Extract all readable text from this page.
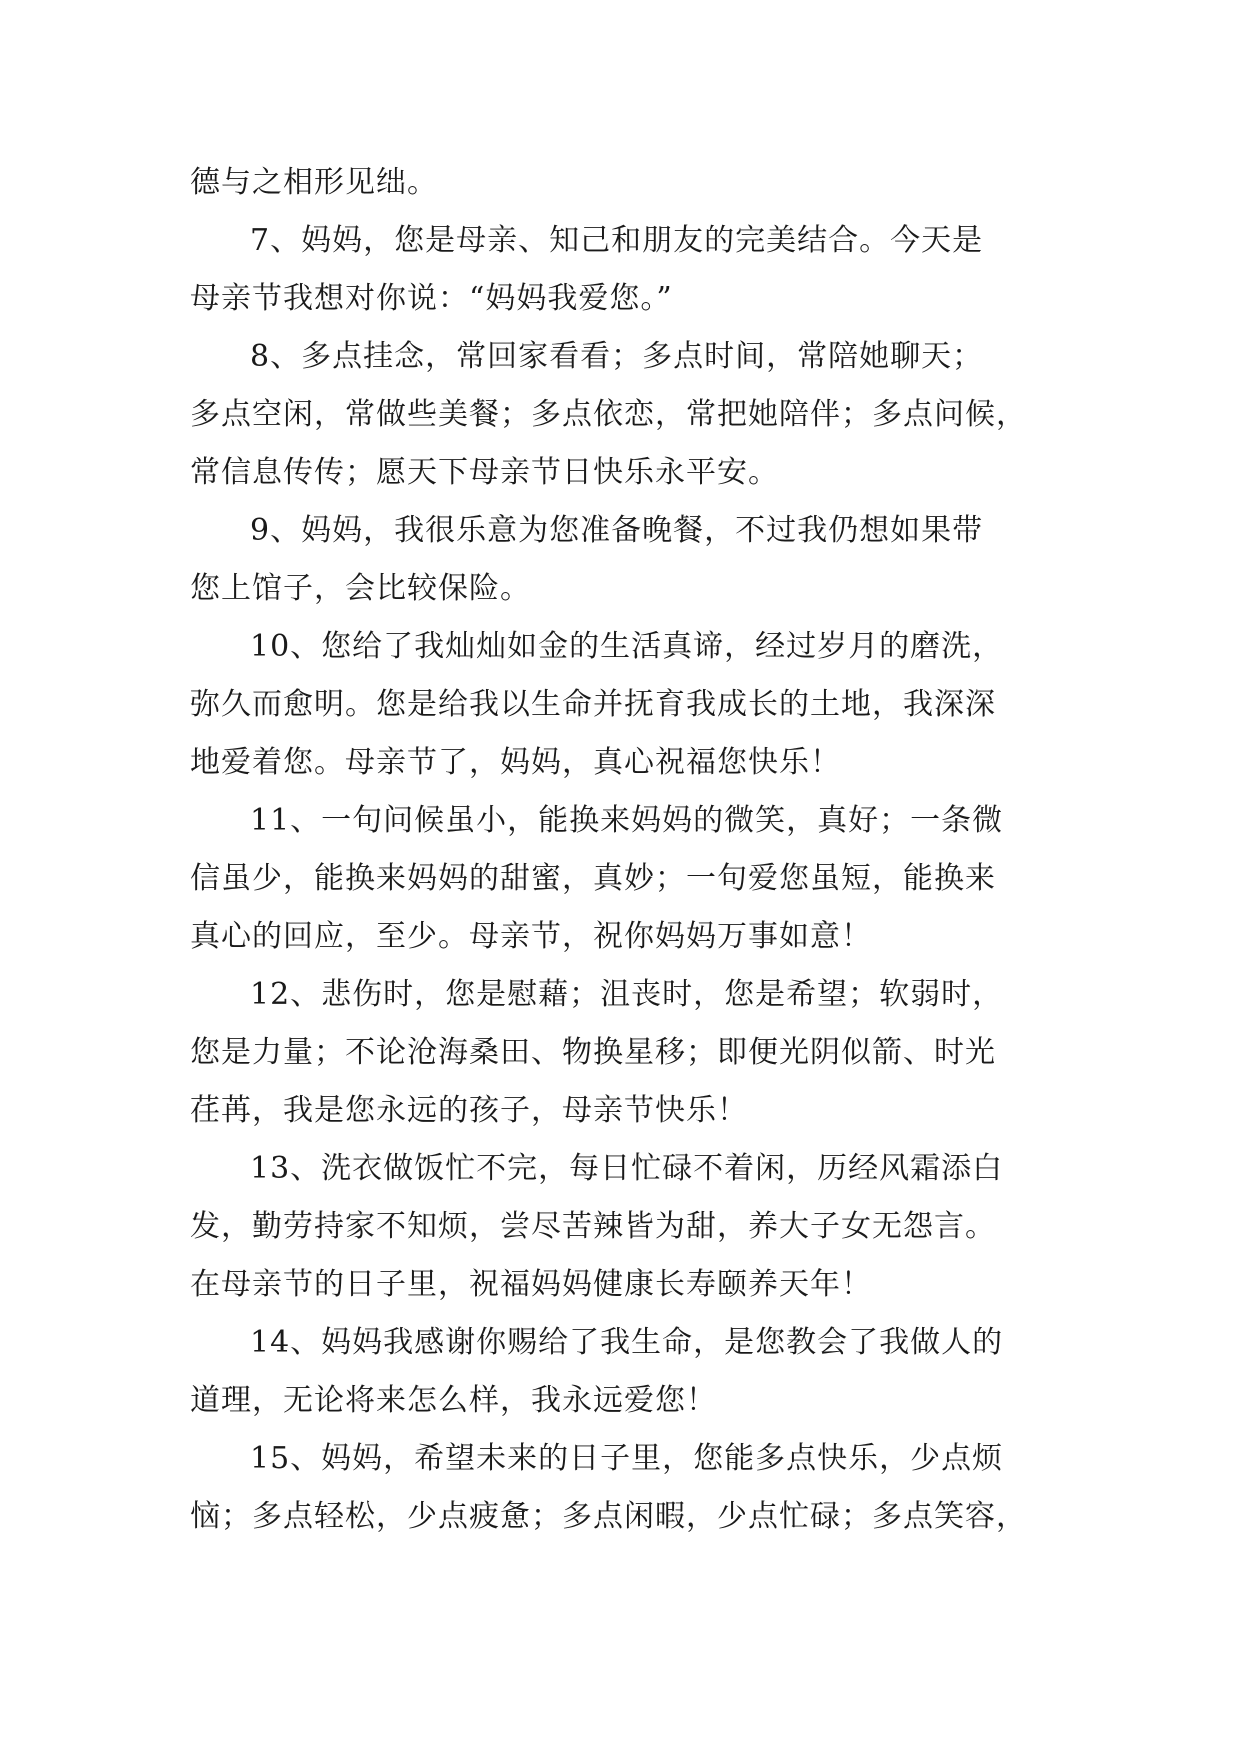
德与之相形见绌。
7、妈妈，您是母亲、知己和朋友的完美结合。今天是
母亲节我想对你说：“妈妈我爱您。”
8、多点挂念，常回家看看；多点时间，常陪她聊天；
多点空闲，常做些美餐；多点依恋，常把她陪伴；多点问候，
常信息传传；愿天下母亲节日快乐永平安。
9、妈妈，我很乐意为您准备晚餐，不过我仍想如果带
您上馆子，会比较保险。
10、您给了我灿灿如金的生活真谛，经过岁月的磨洗，
弥久而愈明。您是给我以生命并抚育我成长的土地，我深深
地爱着您。母亲节了，妈妈，真心祝福您快乐！
11、一句问候虽小，能换来妈妈的微笑，真好；一条微
信虽少，能换来妈妈的甜蜜，真妙；一句爱您虽短，能换来
真心的回应，至少。母亲节，祝你妈妈万事如意！
12、悲伤时，您是慰藉；沮丧时，您是希望；软弱时，
您是力量；不论沧海桑田、物换星移；即便光阴似箭、时光
荏苒，我是您永远的孩子，母亲节快乐！
13、洗衣做饭忙不完，每日忙碌不着闲，历经风霜添白
发，勤劳持家不知烦，尝尽苦辣皆为甜，养大子女无怨言。
在母亲节的日子里，祝福妈妈健康长寿颐养天年！
14、妈妈我感谢你赐给了我生命，是您教会了我做人的
道理，无论将来怎么样，我永远爱您！
15、妈妈，希望未来的日子里，您能多点快乐，少点烦
恼；多点轻松，少点疲惫；多点闲暇，少点忙碌；多点笑容，
